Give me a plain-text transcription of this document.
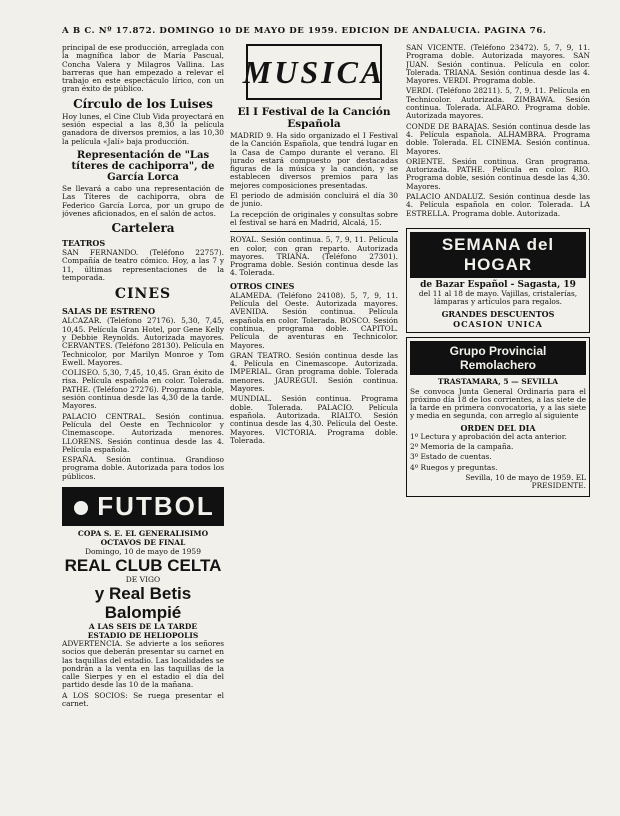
A B C. Nº 17.872. DOMINGO 10 DE MAYO DE 1959. EDICION DE ANDALUCIA. PAGINA 76.

principal de ese producción, arreglada con la magnífica labor de María Pascual, Concha Valera y Milagros Vallina. Las barreras que han empezado a relevar el trabajo en este espectáculo lírico, con un gran éxito de público.

Círculo de los Luises

Hoy lunes, el Cine Club Vida proyectará en sesión especial a las 8,30 la película ganadora de diversos premios, a las 10,30 la película «Jalí» baja producción.

Representación de "Las títeres de cachiporra", de García Lorca

Se llevará a cabo una representación de Las Títeres de cachiporra, obra de Federico García Lorca, por un grupo de jóvenes aficionados, en el salón de actos.

Cartelera
TEATROS

SAN FERNANDO. (Teléfono 22757). Compañía de teatro cómico. Hoy, a las 7 y 11, últimas representaciones de la temporada.

CINES
SALAS DE ESTRENO

ALCAZAR. (Teléfono 27176). 5,30, 7,45, 10,45. Película Gran Hotel, por Gene Kelly y Debbie Reynolds. Autorizada mayores. CERVANTES. (Teléfono 28130). Película en Technicolor, por Marilyn Monroe y Tom Ewell. Mayores.

COLISEO. 5,30, 7,45, 10,45. Gran éxito de risa. Película española en color. Tolerada. PATHE. (Teléfono 27276). Programa doble, sesión continua desde las 4,30 de la tarde. Mayores.

PALACIO CENTRAL. Sesión continua. Película del Oeste en Technicolor y Cinemascope. Autorizada menores. LLORENS. Sesión continua desde las 4. Película española.

ESPAÑA. Sesión continua. Grandioso programa doble. Autorizada para todos los públicos.

FUTBOL
COPA S. E. EL GENERALISIMO
OCTAVOS DE FINAL
Domingo, 10 de mayo de 1959
REAL CLUB CELTA
DE VIGO
y Real Betis Balompié
A LAS SEIS DE LA TARDE
ESTADIO DE HELIOPOLIS

ADVERTENCIA. Se advierte a los señores socios que deberán presentar su carnet en las taquillas del estadio. Las localidades se pondrán a la venta en las taquillas de la calle Sierpes y en el estadio el día del partido desde las 10 de la mañana.

A LOS SOCIOS: Se ruega presentar el carnet.

MUSICA
El I Festival de la Canción Española

MADRID 9. Ha sido organizado el I Festival de la Canción Española, que tendrá lugar en la Casa de Campo durante el verano. El jurado estará compuesto por destacadas figuras de la música y la canción, y se establecen diversos premios para las mejores composiciones presentadas.

El periodo de admisión concluirá el día 30 de junio.

La recepción de originales y consultas sobre el festival se hará en Madrid, Alcalá, 15.

ROYAL. Sesión continua. 5, 7, 9, 11. Película en color, con gran reparto. Autorizada mayores. TRIANA. (Teléfono 27301). Programa doble. Sesión continua desde las 4. Tolerada.

OTROS CINES

ALAMEDA. (Teléfono 24108). 5, 7, 9, 11. Película del Oeste. Autorizada mayores. AVENIDA. Sesión continua. Película española en color. Tolerada. BOSCO. Sesión continua, programa doble. CAPITOL. Película de aventuras en Technicolor. Mayores.

GRAN TEATRO. Sesión continua desde las 4. Película en Cinemascope. Autorizada. IMPERIAL. Gran programa doble. Tolerada menores. JAUREGUI. Sesión continua. Mayores.

MUNDIAL. Sesión continua. Programa doble. Tolerada. PALACIO. Película española. Autorizada. RIALTO. Sesión continua desde las 4,30. Película del Oeste. Mayores. VICTORIA. Programa doble. Tolerada.

SAN VICENTE. (Teléfono 23472). 5, 7, 9, 11. Programa doble. Autorizada mayores. SAN JUAN. Sesión continua. Película en color. Tolerada. TRIANA. Sesión continua desde las 4. Mayores. VERDI. Programa doble.

VERDI. (Teléfono 28211). 5, 7, 9, 11. Película en Technicolor. Autorizada. ZIMBAWA. Sesión continua. Tolerada. ALFARO. Programa doble. Autorizada mayores.

CONDE DE BARAJAS. Sesión continua desde las 4. Película española. ALHAMBRA. Programa doble. Tolerada. EL CINEMA. Sesión continua. Mayores.

ORIENTE. Sesión continua. Gran programa. Autorizada. PATHE. Película en color. RIO. Programa doble, sesión continua desde las 4,30. Mayores.

PALACIO ANDALUZ. Sesión continua desde las 4. Película española en color. Tolerada. LA ESTRELLA. Programa doble. Autorizada.

SEMANA del HOGAR
de Bazar Español - Sagasta, 19

del 11 al 18 de mayo. Vajillas, cristalerías, lámparas y artículos para regalos.

GRANDES DESCUENTOS
OCASION UNICA
Grupo Provincial Remolachero
TRASTAMARA, 5 — SEVILLA

Se convoca Junta General Ordinaria para el próximo día 18 de los corrientes, a las siete de la tarde en primera convocatoria, y a las siete y media en segunda, con arreglo al siguiente

ORDEN DEL DIA

1º Lectura y aprobación del acta anterior.

2º Memoria de la campaña.

3º Estado de cuentas.

4º Ruegos y preguntas.

Sevilla, 10 de mayo de 1959. EL PRESIDENTE.
